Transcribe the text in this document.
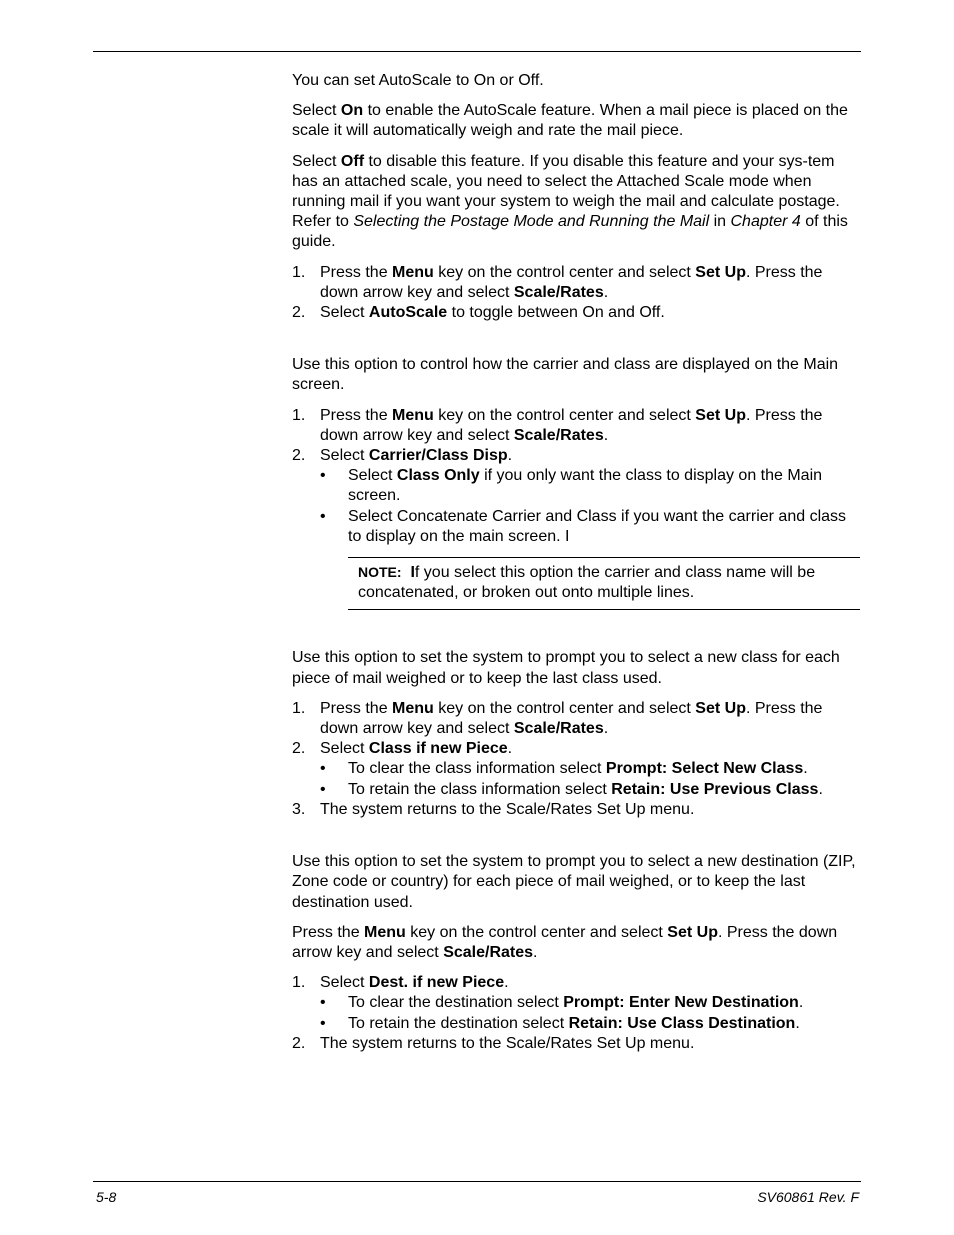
You can set AutoScale to On or Off.

Select On to enable the AutoScale feature. When a mail piece is placed on the scale it will automatically weigh and rate the mail piece.

Select Off to disable this feature. If you disable this feature and your sys-tem has an attached scale, you need to select the Attached Scale mode when running mail if you want your system to weigh the mail and calculate postage. Refer to Selecting the Postage Mode and Running the Mail in Chapter 4 of this guide.

1. Press the Menu key on the control center and select Set Up. Press the down arrow key and select Scale/Rates.
2. Select AutoScale to toggle between On and Off.

Use this option to control how the carrier and class are displayed on the Main screen.

1. Press the Menu key on the control center and select Set Up. Press the down arrow key and select Scale/Rates.
2. Select Carrier/Class Disp.
• Select Class Only if you only want the class to display on the Main screen.
• Select Concatenate Carrier and Class if you want the carrier and class to display on the main screen. I
NOTE: If you select this option the carrier and class name will be concatenated, or broken out onto multiple lines.

Use this option to set the system to prompt you to select a new class for each piece of mail weighed or to keep the last class used.

1. Press the Menu key on the control center and select Set Up. Press the down arrow key and select Scale/Rates.
2. Select Class if new Piece.
• To clear the class information select Prompt: Select New Class.
• To retain the class information select Retain: Use Previous Class.
3. The system returns to the Scale/Rates Set Up menu.

Use this option to set the system to prompt you to select a new destination (ZIP, Zone code or country) for each piece of mail weighed, or to keep the last destination used.

Press the Menu key on the control center and select Set Up. Press the down arrow key and select Scale/Rates.

1. Select Dest. if new Piece.
• To clear the destination select Prompt: Enter New Destination.
• To retain the destination select Retain: Use Class Destination.
2. The system returns to the Scale/Rates Set Up menu.
5-8	SV60861 Rev. F
